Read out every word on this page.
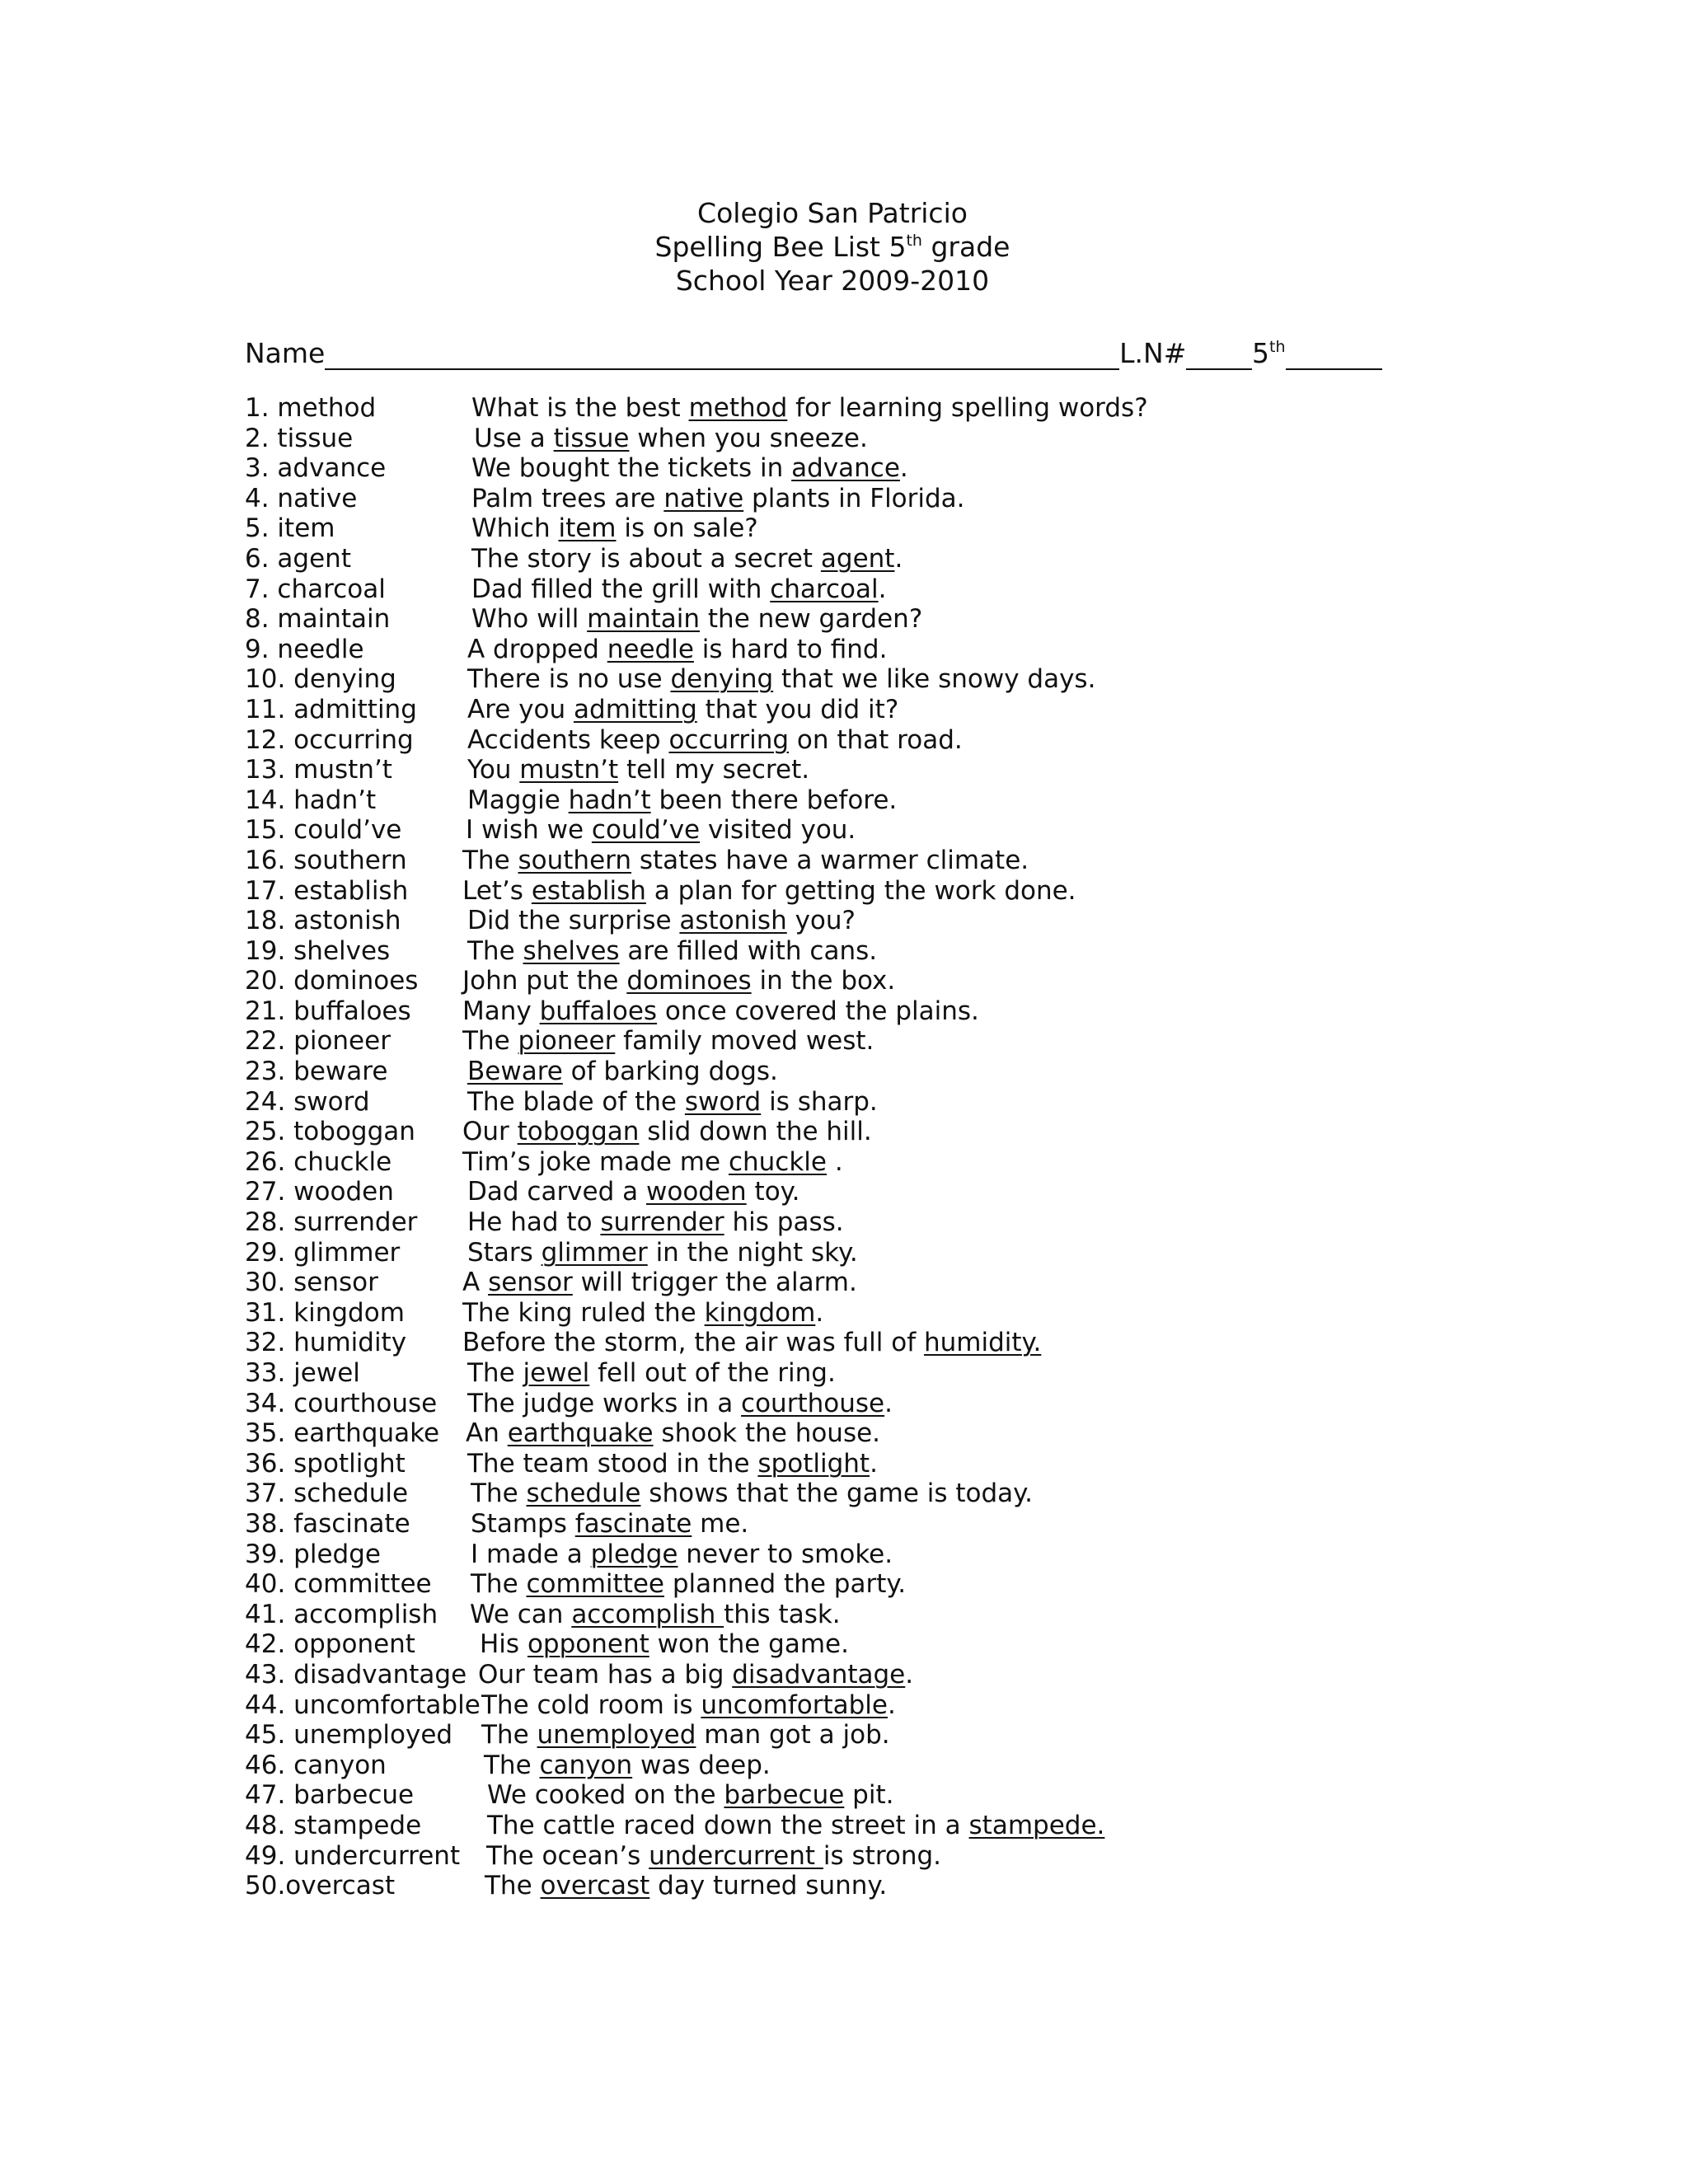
Colegio San Patricio
Spelling Bee List 5th grade
School Year 2009-2010
Name	L.N# 5th
1. method	What is the best method for learning spelling words?
2. tissue	Use a tissue when you sneeze.
3. advance	We bought the tickets in advance.
4. native	Palm trees are native plants in Florida.
5. item	Which item is on sale?
6. agent	The story is about a secret agent.
7. charcoal	Dad filled the grill with charcoal.
8. maintain	Who will maintain the new garden?
9. needle	A dropped needle is hard to find.
10. denying	There is no use denying that we like snowy days.
11. admitting Are you admitting that you did it?
12. occurring Accidents keep occurring on that road.
13. mustn’t	You mustn’t tell my secret.
14. hadn’t	Maggie hadn’t been there before.
15. could’ve	I wish we could’ve visited you.
16. southern The southern states have a warmer climate.
17. establish Let’s establish a plan for getting the work done.
18. astonish	Did the surprise astonish you?
19. shelves	The shelves are filled with cans.
20. dominoes John put the dominoes in the box.
21. buffaloes Many buffaloes once covered the plains.
22. pioneer	The pioneer family moved west.
23. beware	Beware of barking dogs.
24. sword	The blade of the sword is sharp.
25. toboggan Our toboggan slid down the hill.
26. chuckle	Tim’s joke made me chuckle .
27. wooden	Dad carved a wooden toy.
28. surrender He had to surrender his pass.
29. glimmer	Stars glimmer in the night sky.
30. sensor	A sensor will trigger the alarm.
31. kingdom The king ruled the kingdom.
32. humidity Before the storm, the air was full of humidity.
33. jewel	The jewel fell out of the ring.
34. courthouse The judge works in a courthouse.
35. earthquake An earthquake shook the house.
36. spotlight The team stood in the spotlight.
37. schedule The schedule shows that the game is today.
38. fascinate Stamps fascinate me.
39. pledge	I made a pledge never to smoke.
40. committee The committee planned the party.
41. accomplish We can accomplish this task.
42. opponent	His opponent won the game.
43. disadvantage Our team has a big disadvantage.
44. uncomfortable The cold room is uncomfortable.
45. unemployed The unemployed man got a job.
46. canyon	The canyon was deep.
47. barbecue	We cooked on the barbecue pit.
48. stampede	The cattle raced down the street in a stampede.
49. undercurrent The ocean’s undercurrent is strong.
50.overcast	The overcast day turned sunny.
